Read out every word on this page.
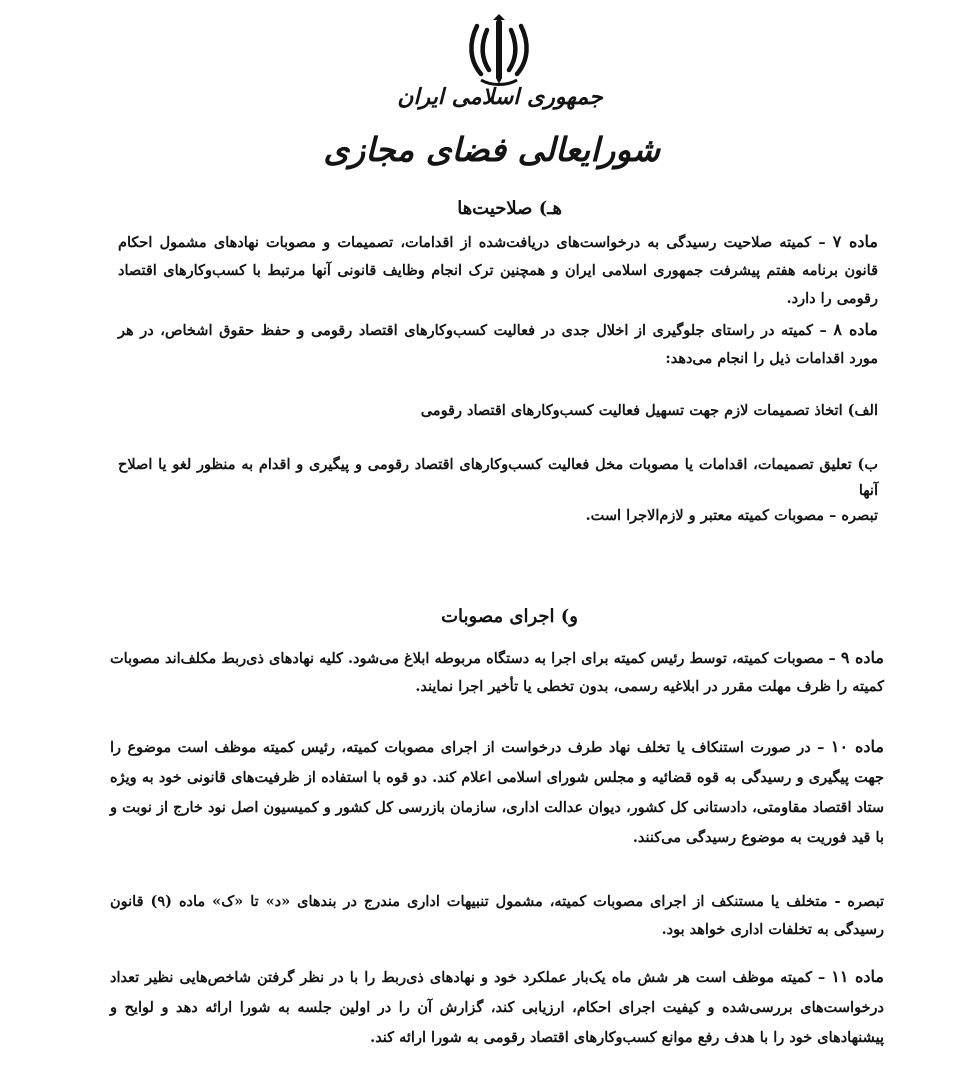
جمهوری اسلامی ایران
شورایعالی فضای مجازی
هـ) صلاحیت‌ها
ماده ۷ – کمیته صلاحیت رسیدگی به درخواست‌های دریافت‌شده از اقدامات، تصمیمات و مصوبات نهادهای مشمول احکام قانون برنامه هفتم پیشرفت جمهوری اسلامی ایران و همچنین ترک انجام وظایف قانونی آنها مرتبط با کسب‌وکارهای اقتصاد رقومی را دارد.
ماده ۸ – کمیته در راستای جلوگیری از اخلال جدی در فعالیت کسب‌وکارهای اقتصاد رقومی و حفظ حقوق اشخاص، در هر مورد اقدامات ذیل را انجام می‌دهد:
الف) اتخاذ تصمیمات لازم جهت تسهیل فعالیت کسب‌وکارهای اقتصاد رقومی
ب) تعلیق تصمیمات، اقدامات یا مصوبات مخل فعالیت کسب‌وکارهای اقتصاد رقومی و پیگیری و اقدام به منظور لغو یا اصلاح آنها
تبصره – مصوبات کمیته معتبر و لازم‌الاجرا است.
و) اجرای مصوبات
ماده ۹ – مصوبات کمیته، توسط رئیس کمیته برای اجرا به دستگاه مربوطه ابلاغ می‌شود. کلیه نهادهای ذی‌ربط مکلف‌اند مصوبات کمیته را ظرف مهلت مقرر در ابلاغیه رسمی، بدون تخطی یا تأخیر اجرا نمایند.
ماده ۱۰ – در صورت استنکاف یا تخلف نهاد طرف درخواست از اجرای مصوبات کمیته، رئیس کمیته موظف است موضوع را جهت پیگیری و رسیدگی به قوه قضائیه و مجلس شورای اسلامی اعلام کند. دو قوه با استفاده از ظرفیت‌های قانونی خود به ویژه ستاد اقتصاد مقاومتی، دادستانی کل کشور، دیوان عدالت اداری، سازمان بازرسی کل کشور و کمیسیون اصل نود خارج از نوبت و با قید فوریت به موضوع رسیدگی می‌کنند.
تبصره - متخلف یا مستنکف از اجرای مصوبات کمیته، مشمول تنبیهات اداری مندرج در بندهای «د» تا «ک» ماده (۹) قانون رسیدگی به تخلفات اداری خواهد بود.
ماده ۱۱ – کمیته موظف است هر شش ماه یک‌بار عملکرد خود و نهادهای ذی‌ربط را با در نظر گرفتن شاخص‌هایی نظیر تعداد درخواست‌های بررسی‌شده و کیفیت اجرای احکام، ارزیابی کند، گزارش آن را در اولین جلسه به شورا ارائه دهد و لوایح و پیشنهادهای خود را با هدف رفع موانع کسب‌وکارهای اقتصاد رقومی به شورا ارائه کند.
